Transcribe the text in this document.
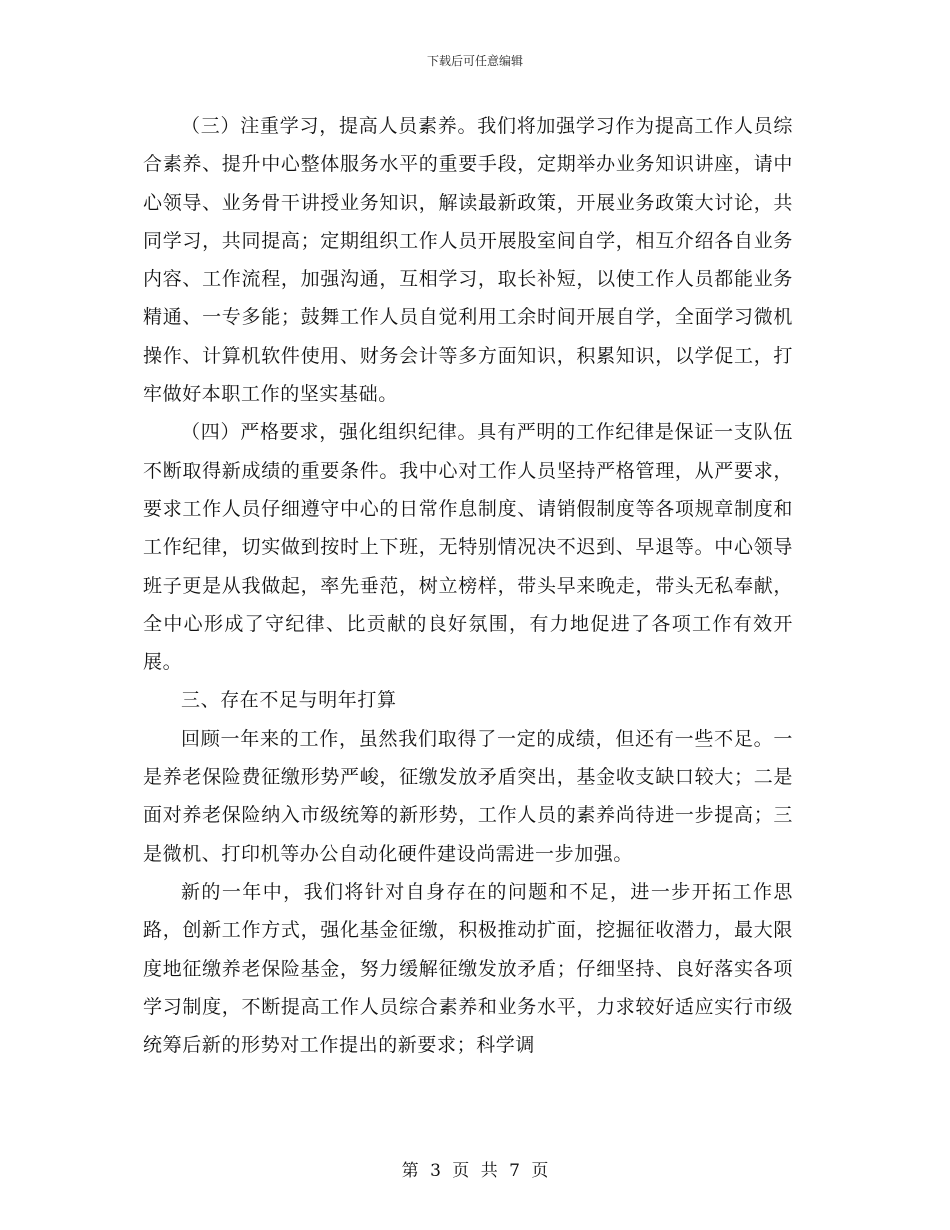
下载后可任意编辑

（三）注重学习，提高人员素养。我们将加强学习作为提高工作人员综合素养、提升中心整体服务水平的重要手段，定期举办业务知识讲座，请中心领导、业务骨干讲授业务知识，解读最新政策，开展业务政策大讨论，共同学习，共同提高；定期组织工作人员开展股室间自学，相互介绍各自业务内容、工作流程，加强沟通，互相学习，取长补短，以使工作人员都能业务精通、一专多能；鼓舞工作人员自觉利用工余时间开展自学，全面学习微机操作、计算机软件使用、财务会计等多方面知识，积累知识，以学促工，打牢做好本职工作的坚实基础。

（四）严格要求，强化组织纪律。具有严明的工作纪律是保证一支队伍不断取得新成绩的重要条件。我中心对工作人员坚持严格管理，从严要求，要求工作人员仔细遵守中心的日常作息制度、请销假制度等各项规章制度和工作纪律，切实做到按时上下班，无特别情况决不迟到、早退等。中心领导班子更是从我做起，率先垂范，树立榜样，带头早来晚走，带头无私奉献，全中心形成了守纪律、比贡献的良好氛围，有力地促进了各项工作有效开展。

三、存在不足与明年打算

回顾一年来的工作，虽然我们取得了一定的成绩，但还有一些不足。一是养老保险费征缴形势严峻，征缴发放矛盾突出，基金收支缺口较大；二是面对养老保险纳入市级统筹的新形势，工作人员的素养尚待进一步提高；三是微机、打印机等办公自动化硬件建设尚需进一步加强。

新的一年中，我们将针对自身存在的问题和不足，进一步开拓工作思路，创新工作方式，强化基金征缴，积极推动扩面，挖掘征收潜力，最大限度地征缴养老保险基金，努力缓解征缴发放矛盾；仔细坚持、良好落实各项学习制度，不断提高工作人员综合素养和业务水平，力求较好适应实行市级统筹后新的形势对工作提出的新要求；科学调

第 3 页 共 7 页
